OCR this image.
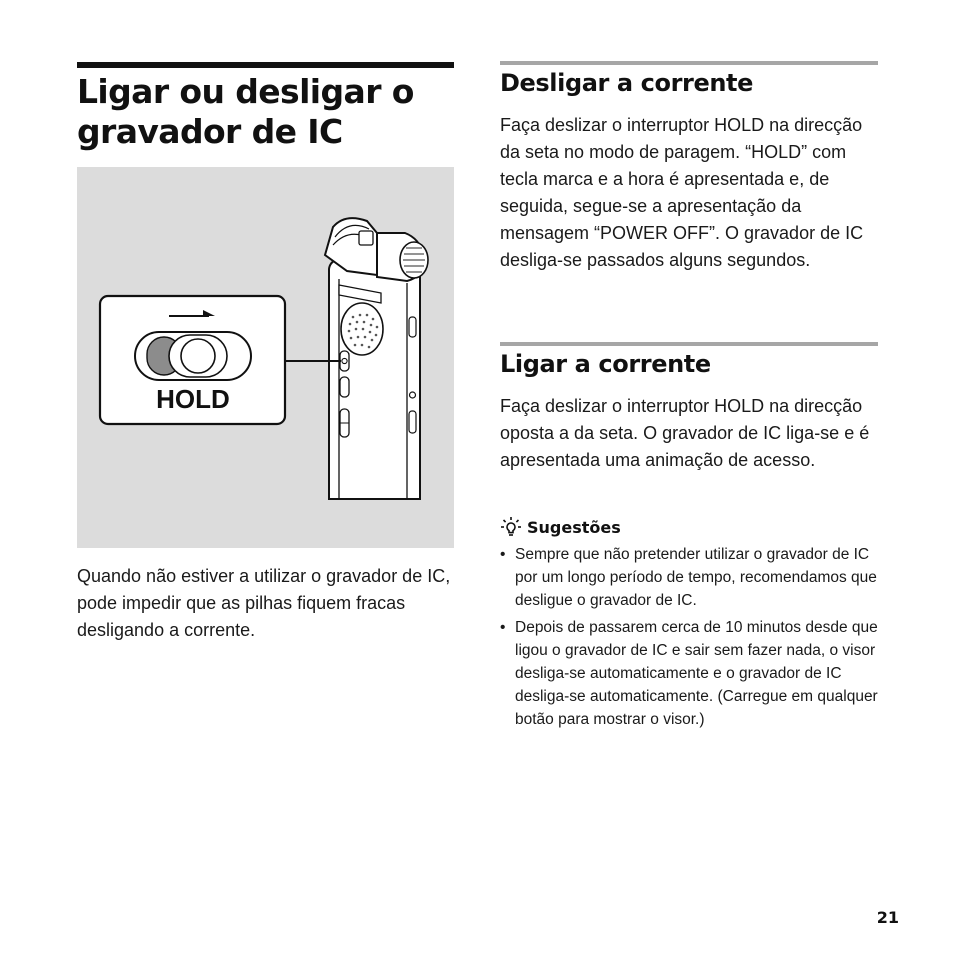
Ligar ou desligar o gravador de IC
HOLD

Quando não estiver a utilizar o gravador de IC, pode impedir que as pilhas fiquem fracas desligando a corrente.

Desligar a corrente

Faça deslizar o interruptor HOLD na direcção da seta no modo de paragem. “HOLD” com tecla marca e a hora é apresentada e, de seguida, segue-se a apresentação da mensagem “POWER OFF”. O gravador de IC desliga-se passados alguns segundos.

Ligar a corrente

Faça deslizar o interruptor HOLD na direcção oposta a da seta. O gravador de IC liga-se e é apresentada uma animação de acesso.

Sugestões
• Sempre que não pretender utilizar o gravador de IC por um longo período de tempo, recomendamos que desligue o gravador de IC.
• Depois de passarem cerca de 10 minutos desde que ligou o gravador de IC e sair sem fazer nada, o visor desliga-se automaticamente e o gravador de IC desliga-se automaticamente. (Carregue em qualquer botão para mostrar o visor.)
21
